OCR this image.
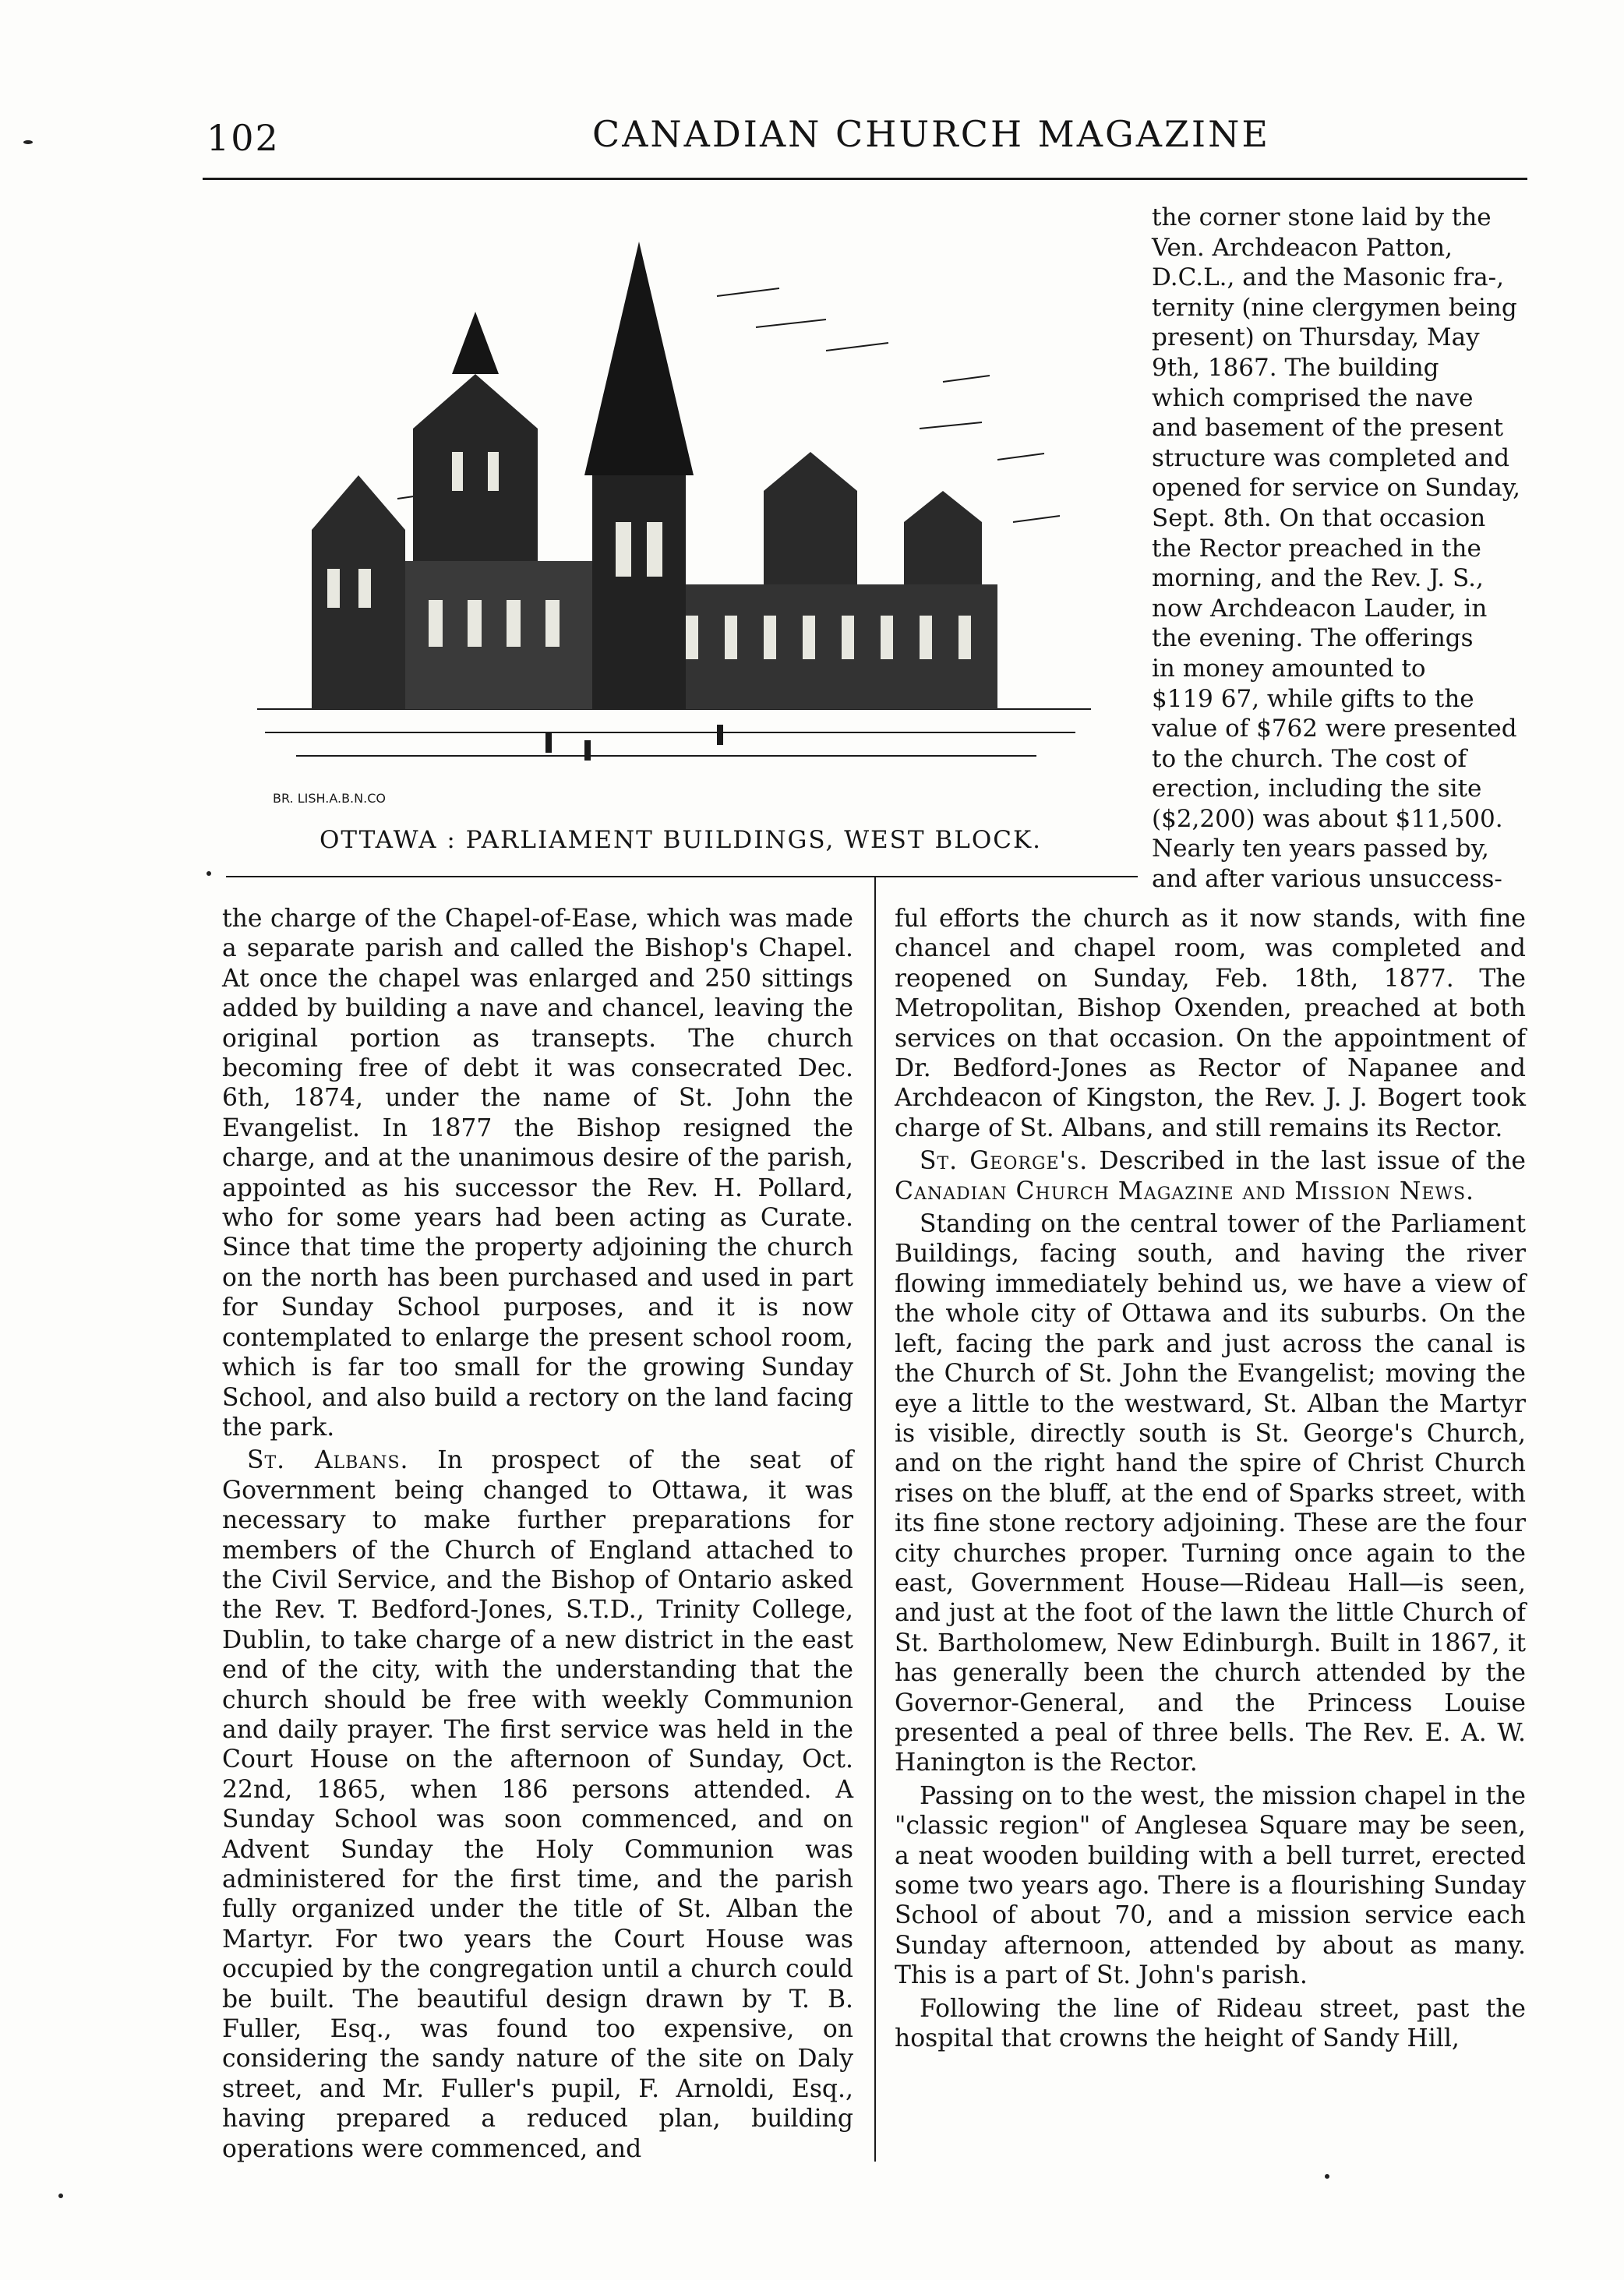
102	CANADIAN CHURCH MAGAZINE
BR. LISH.A.B.N.CO
OTTAWA : PARLIAMENT BUILDINGS, WEST BLOCK.
the corner stone laid by the
Ven. Archdeacon Patton,
D.C.L., and the Masonic fra-,
ternity (nine clergymen being
present) on Thursday, May
9th, 1867. The building
which comprised the nave
and basement of the present
structure was completed and
opened for service on Sunday,
Sept. 8th. On that occasion
the Rector preached in the
morning, and the Rev. J. S.,
now Archdeacon Lauder, in
the evening. The offerings
in money amounted to
$119 67, while gifts to the
value of $762 were presented
to the church. The cost of
erection, including the site
($2,200) was about $11,500.
Nearly ten years passed by,
and after various unsuccess-

the charge of the Chapel-of-Ease, which was made a separate parish and called the Bishop's Chapel. At once the chapel was enlarged and 250 sittings added by building a nave and chancel, leaving the original portion as transepts. The church becoming free of debt it was consecrated Dec. 6th, 1874, under the name of St. John the Evangelist. In 1877 the Bishop resigned the charge, and at the unanimous desire of the parish, appointed as his successor the Rev. H. Pollard, who for some years had been acting as Curate. Since that time the property adjoining the church on the north has been purchased and used in part for Sunday School purposes, and it is now contemplated to enlarge the present school room, which is far too small for the growing Sunday School, and also build a rectory on the land facing the park.

St. Albans. In prospect of the seat of Government being changed to Ottawa, it was necessary to make further preparations for members of the Church of England attached to the Civil Service, and the Bishop of Ontario asked the Rev. T. Bedford-Jones, S.T.D., Trinity College, Dublin, to take charge of a new district in the east end of the city, with the understanding that the church should be free with weekly Communion and daily prayer. The first service was held in the Court House on the afternoon of Sunday, Oct. 22nd, 1865, when 186 persons attended. A Sunday School was soon commenced, and on Advent Sunday the Holy Communion was administered for the first time, and the parish fully organized under the title of St. Alban the Martyr. For two years the Court House was occupied by the congregation until a church could be built. The beautiful design drawn by T. B. Fuller, Esq., was found too expensive, on considering the sandy nature of the site on Daly street, and Mr. Fuller's pupil, F. Arnoldi, Esq., having prepared a reduced plan, building operations were commenced, and

ful efforts the church as it now stands, with fine chancel and chapel room, was completed and reopened on Sunday, Feb. 18th, 1877. The Metropolitan, Bishop Oxenden, preached at both services on that occasion. On the appointment of Dr. Bedford-Jones as Rector of Napanee and Archdeacon of Kingston, the Rev. J. J. Bogert took charge of St. Albans, and still remains its Rector.

St. George's. Described in the last issue of the Canadian Church Magazine and Mission News.

Standing on the central tower of the Parliament Buildings, facing south, and having the river flowing immediately behind us, we have a view of the whole city of Ottawa and its suburbs. On the left, facing the park and just across the canal is the Church of St. John the Evangelist; moving the eye a little to the westward, St. Alban the Martyr is visible, directly south is St. George's Church, and on the right hand the spire of Christ Church rises on the bluff, at the end of Sparks street, with its fine stone rectory adjoining. These are the four city churches proper. Turning once again to the east, Government House—Rideau Hall—is seen, and just at the foot of the lawn the little Church of St. Bartholomew, New Edinburgh. Built in 1867, it has generally been the church attended by the Governor-General, and the Princess Louise presented a peal of three bells. The Rev. E. A. W. Hanington is the Rector.

Passing on to the west, the mission chapel in the "classic region" of Anglesea Square may be seen, a neat wooden building with a bell turret, erected some two years ago. There is a flourishing Sunday School of about 70, and a mission service each Sunday afternoon, attended by about as many. This is a part of St. John's parish.

Following the line of Rideau street, past the hospital that crowns the height of Sandy Hill,
